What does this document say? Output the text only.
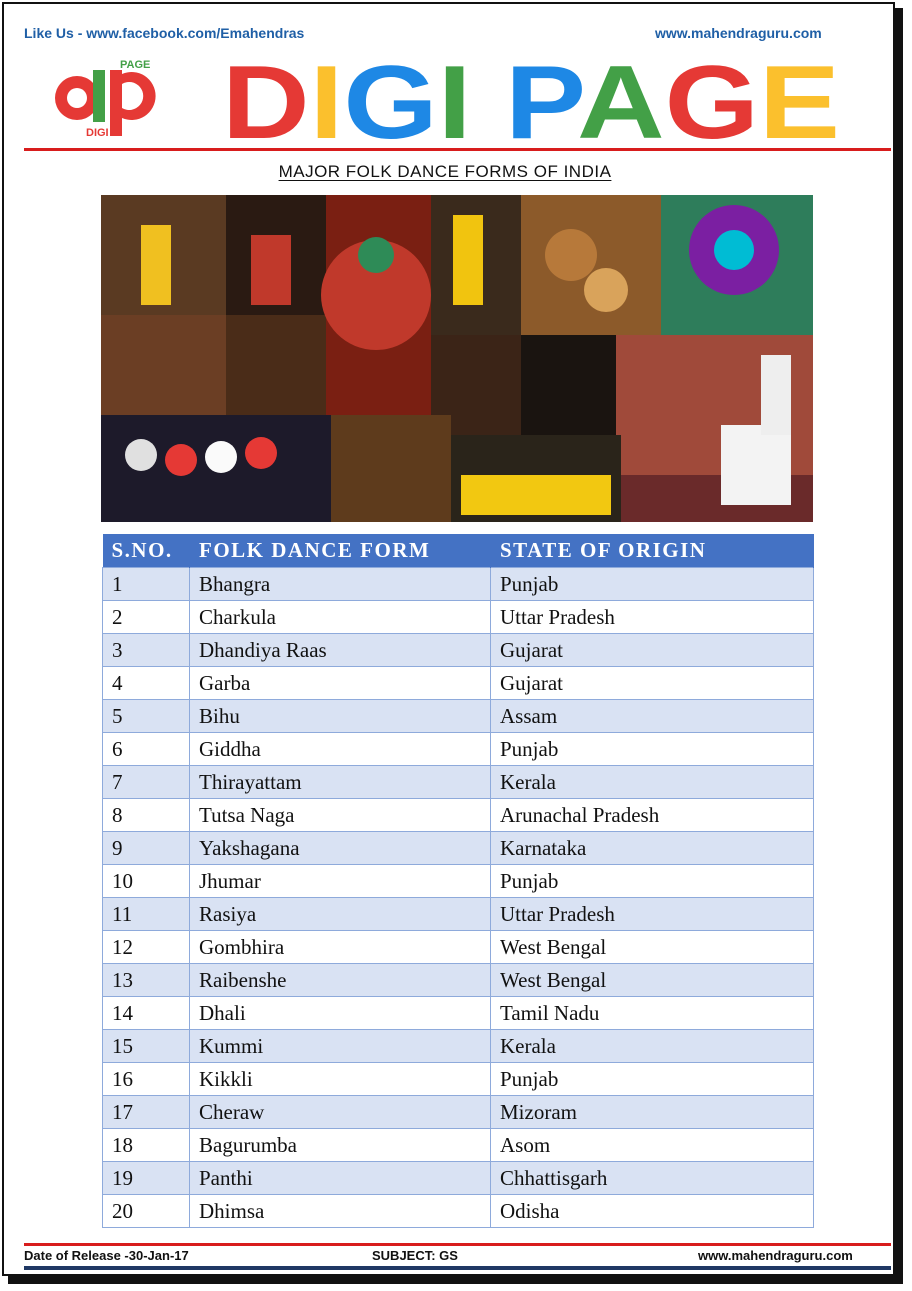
Like Us - www.facebook.com/Emahendras	www.mahendraguru.com
PAGE
DIGI D IG I PA G E
MAJOR FOLK DANCE FORMS OF INDIA
S.NO.	FOLK DANCE FORM	STATE OF ORIGIN
1	Bhangra	Punjab
2	Charkula	Uttar Pradesh
3	Dhandiya Raas	Gujarat
4	Garba	Gujarat
5	Bihu	Assam
6	Giddha	Punjab
7	Thirayattam	Kerala
8	Tutsa Naga	Arunachal Pradesh
9	Yakshagana	Karnataka
10	Jhumar	Punjab
11	Rasiya	Uttar Pradesh
12	Gombhira	West Bengal
13	Raibenshe	West Bengal
14	Dhali	Tamil Nadu
15	Kummi	Kerala
16	Kikkli	Punjab
17	Cheraw	Mizoram
18	Bagurumba	Asom
19	Panthi	Chhattisgarh
20	Dhimsa	Odisha
Date of Release -30-Jan-17	SUBJECT: GS	www.mahendraguru.com
